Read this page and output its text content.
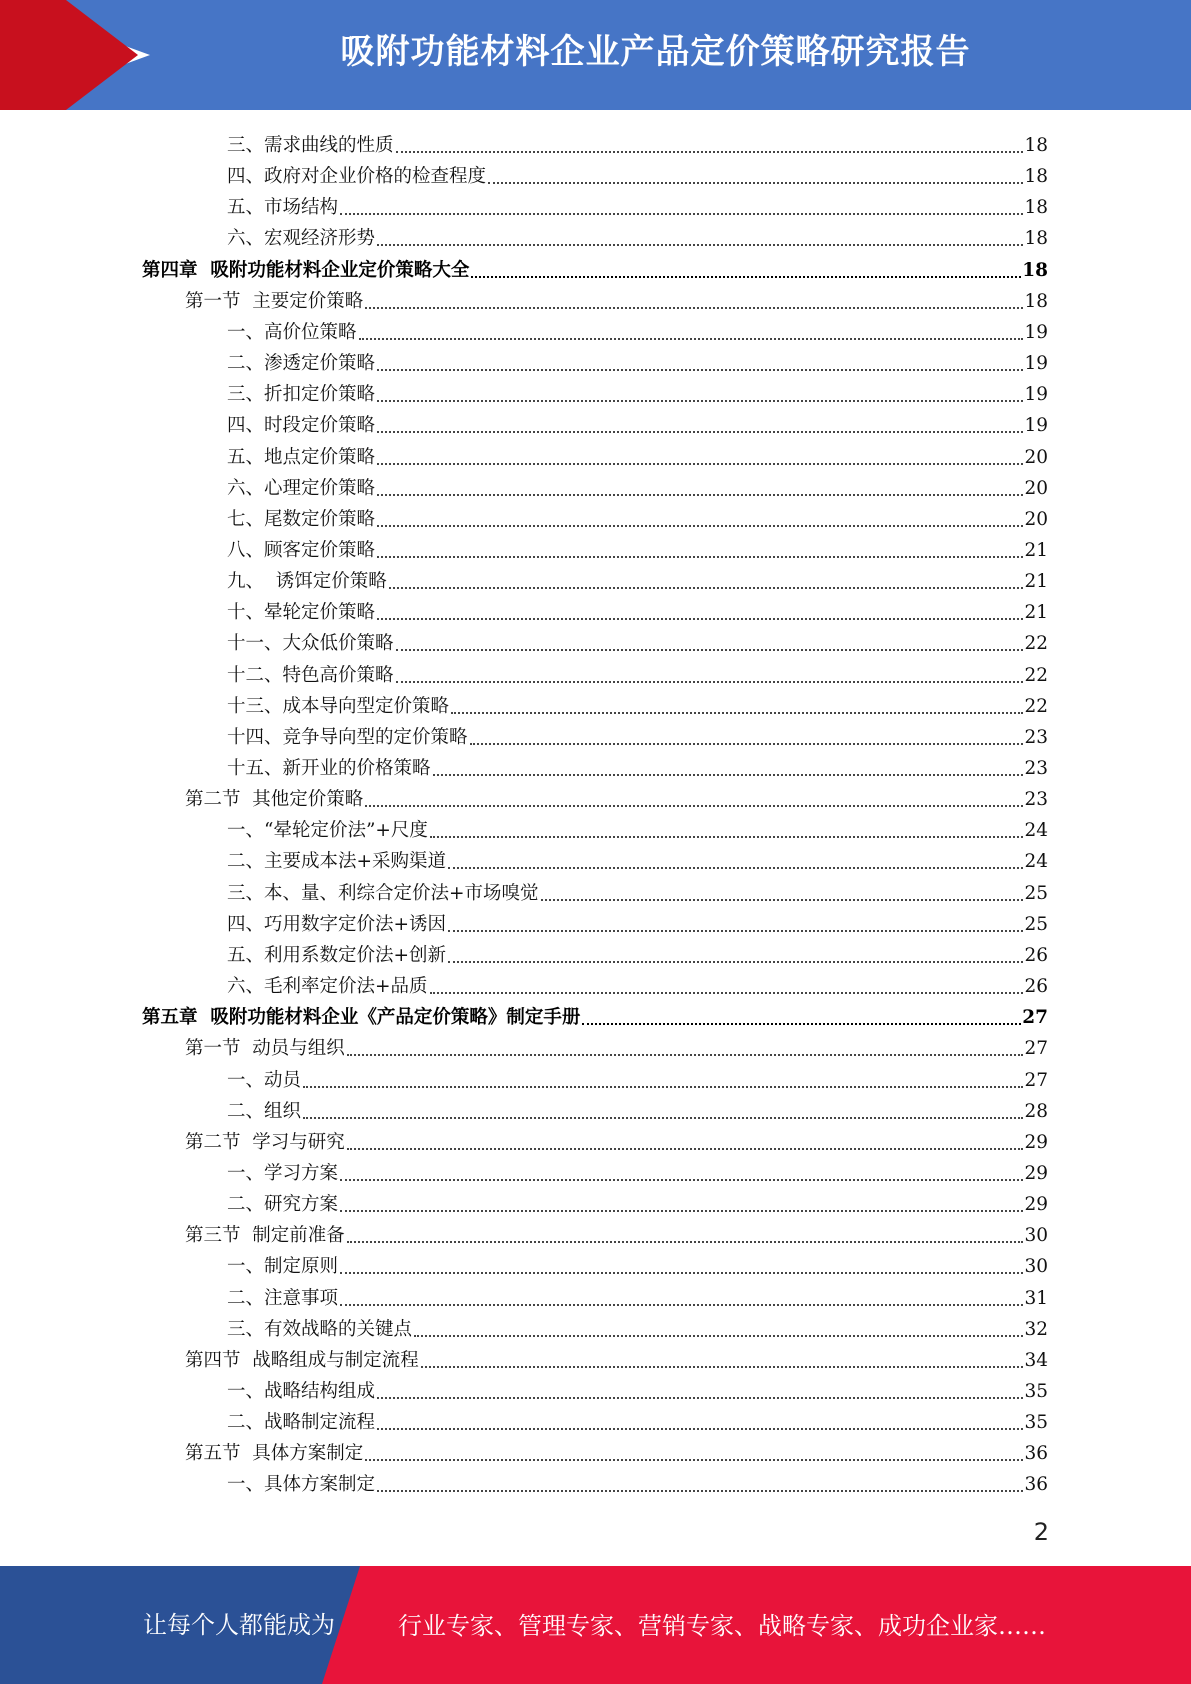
吸附功能材料企业产品定价策略研究报告
三、需求曲线的性质	18
四、政府对企业价格的检查程度	18
五、市场结构	18
六、宏观经济形势	18
第四章  吸附功能材料企业定价策略大全	18
第一节  主要定价策略	18
一、高价位策略	19
二、渗透定价策略	19
三、折扣定价策略	19
四、时段定价策略	19
五、地点定价策略	20
六、心理定价策略	20
七、尾数定价策略	20
八、顾客定价策略	21
九、  诱饵定价策略	21
十、晕轮定价策略	21
十一、大众低价策略	22
十二、特色高价策略	22
十三、成本导向型定价策略	22
十四、竞争导向型的定价策略	23
十五、新开业的价格策略	23
第二节  其他定价策略	23
一、“晕轮定价法”+尺度	24
二、主要成本法+采购渠道	24
三、本、量、利综合定价法+市场嗅觉	25
四、巧用数字定价法+诱因	25
五、利用系数定价法+创新	26
六、毛利率定价法+品质	26
第五章  吸附功能材料企业《产品定价策略》制定手册	27
第一节  动员与组织	27
一、动员	27
二、组织	28
第二节  学习与研究	29
一、学习方案	29
二、研究方案	29
第三节  制定前准备	30
一、制定原则	30
二、注意事项	31
三、有效战略的关键点	32
第四节  战略组成与制定流程	34
一、战略结构组成	35
二、战略制定流程	35
第五节  具体方案制定	36
一、具体方案制定	36
2
让每个人都能成为	行业专家、管理专家、营销专家、战略专家、成功企业家……
